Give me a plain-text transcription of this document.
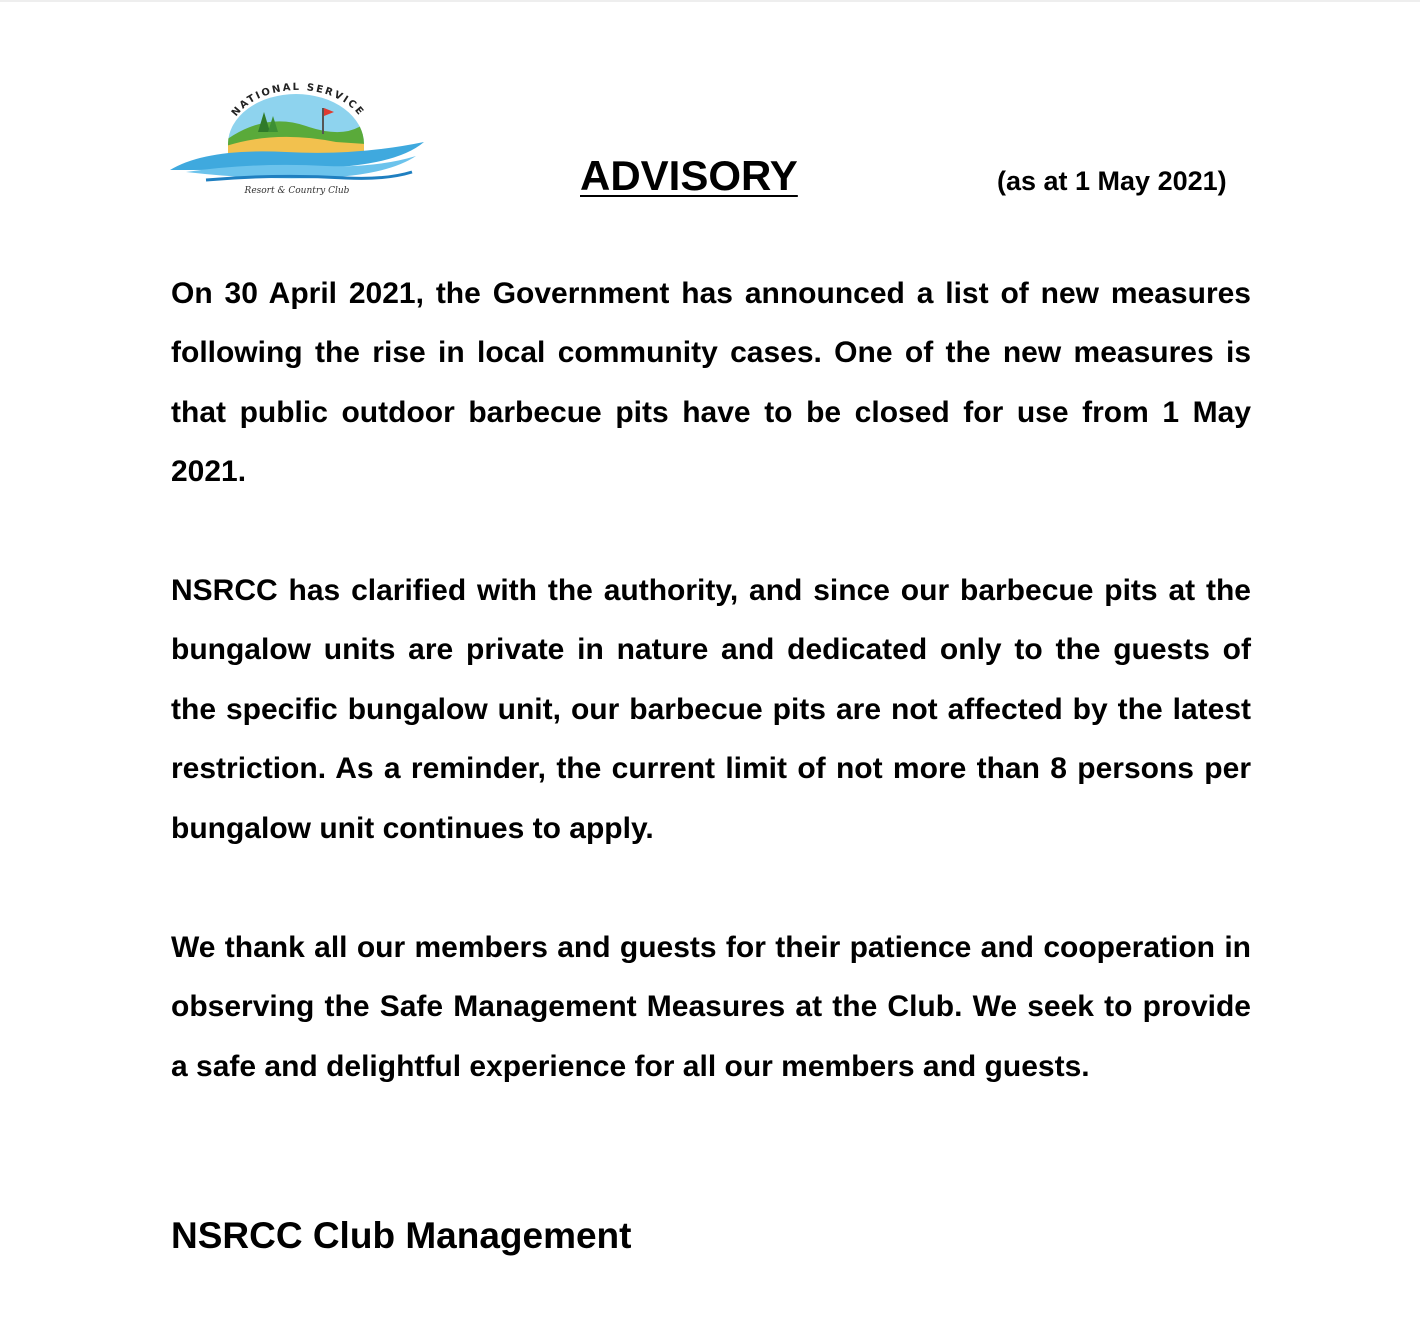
NATIONAL SERVICE
Resort & Country Club	ADVISORY	(as at 1 May 2021)

On 30 April 2021, the Government has announced a list of new measures following the rise in local community cases. One of the new measures is that public outdoor barbecue pits have to be closed for use from 1 May 2021.

NSRCC has clarified with the authority, and since our barbecue pits at the bungalow units are private in nature and dedicated only to the guests of the specific bungalow unit, our barbecue pits are not affected by the latest restriction. As a reminder, the current limit of not more than 8 persons per bungalow unit continues to apply.

We thank all our members and guests for their patience and cooperation in observing the Safe Management Measures at the Club. We seek to provide a safe and delightful experience for all our members and guests.

NSRCC Club Management
